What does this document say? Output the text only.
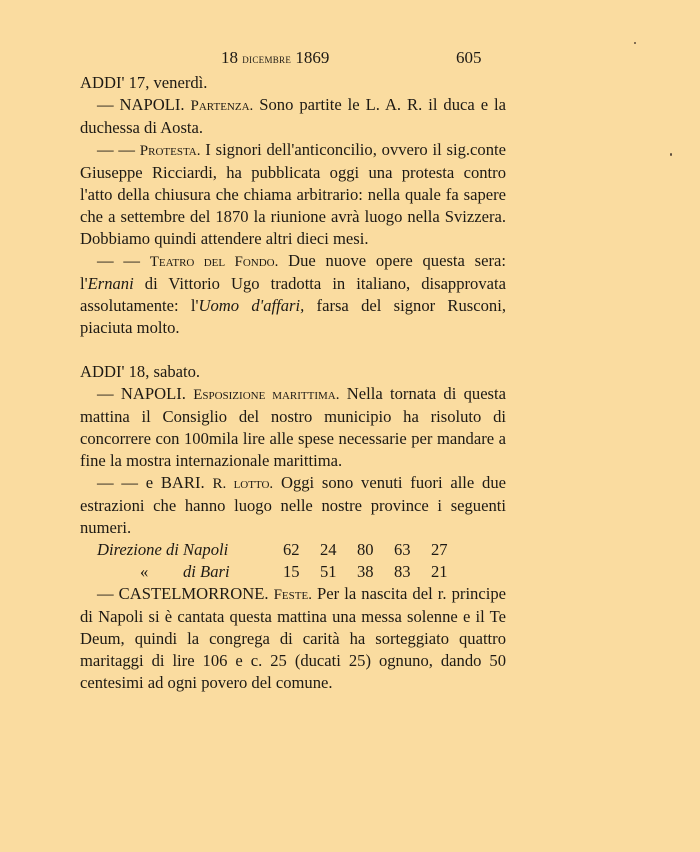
18 dicembre 1869	605

ADDI' 17, venerdì.

— NAPOLI. Partenza. Sono partite le L. A. R. il duca e la duchessa di Aosta.

— — Protesta. I signori dell'anticoncilio, ovvero il sig.conte Giuseppe Ricciardi, ha pubblicata oggi una protesta contro l'atto della chiusura che chiama arbitrario: nella quale fa sapere che a settembre del 1870 la riunione avrà luogo nella Svizzera. Dobbiamo quindi attendere altri dieci mesi.

— — Teatro del Fondo. Due nuove opere questa sera: l'Ernani di Vittorio Ugo tradotta in italiano, disapprovata assolutamente: l'Uomo d'affari, farsa del signor Rusconi, piaciuta molto.

ADDI' 18, sabato.

— NAPOLI. Esposizione marittima. Nella tornata di questa mattina il Consiglio del nostro municipio ha risoluto di concorrere con 100mila lire alle spese necessarie per mandare a fine la mostra internazionale marittima.

— — e BARI. R. lotto. Oggi sono venuti fuori alle due estrazioni che hanno luogo nelle nostre province i seguenti numeri.

Direzione di Napoli	62 24 80 63 27
« di Bari	15 51 38 83 21

— CASTELMORRONE. Feste. Per la nascita del r. principe di Napoli si è cantata questa mattina una messa solenne e il Te Deum, quindi la congrega di carità ha sorteggiato quattro maritaggi di lire 106 e c. 25 (ducati 25) ognuno, dando 50 centesimi ad ogni povero del comune.
